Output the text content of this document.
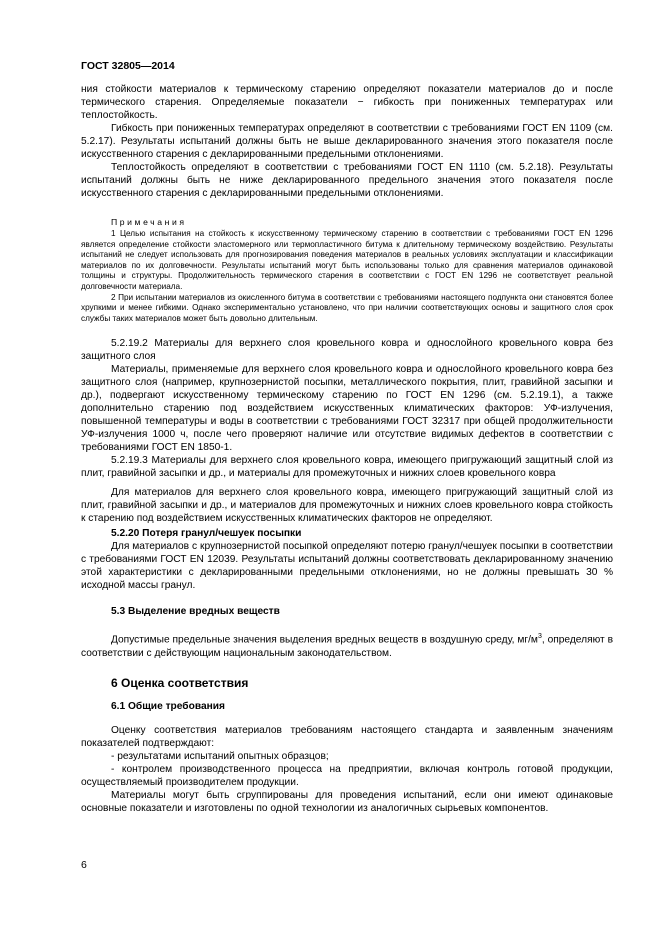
ГОСТ 32805—2014

ния стойкости материалов к термическому старению определяют показатели материалов до и после термического старения. Определяемые показатели − гибкость при пониженных температурах или теплостойкость.

Гибкость при пониженных температурах определяют в соответствии с требованиями ГОСТ EN 1109 (см. 5.2.17). Результаты испытаний должны быть не выше декларированного значения этого показателя после искусственного старения с декларированными предельными отклонениями.

Теплостойкость определяют в соответствии с требованиями ГОСТ EN 1110 (см. 5.2.18). Результаты испытаний должны быть не ниже декларированного предельного значения этого показателя после искусственного старения с декларированными предельными отклонениями.

Примечания

1 Целью испытания на стойкость к искусственному термическому старению в соответствии с требованиями ГОСТ EN 1296 является определение стойкости эластомерного или термопластичного битума к длительному термическому воздействию. Результаты испытаний не следует использовать для прогнозирования поведения материалов в реальных условиях эксплуатации и классификации материалов по их долговечности. Результаты испытаний могут быть использованы только для сравнения материалов одинаковой толщины и структуры. Продолжительность термического старения в соответствии с ГОСТ EN 1296 не соответствует реальной долговечности материала.

2 При испытании материалов из окисленного битума в соответствии с требованиями настоящего подпункта они становятся более хрупкими и менее гибкими. Однако экспериментально установлено, что при наличии соответствующих основы и защитного слоя срок службы таких материалов может быть довольно длительным.

5.2.19.2 Материалы для верхнего слоя кровельного ковра и однослойного кровельного ковра без защитного слоя

Материалы, применяемые для верхнего слоя кровельного ковра и однослойного кровельного ковра без защитного слоя (например, крупнозернистой посыпки, металлического покрытия, плит, гравийной засыпки и др.), подвергают искусственному термическому старению по ГОСТ EN 1296 (см. 5.2.19.1), а также дополнительно старению под воздействием искусственных климатических факторов: УФ-излучения, повышенной температуры и воды в соответствии с требованиями ГОСТ 32317 при общей продолжительности УФ-излучения 1000 ч, после чего проверяют наличие или отсутствие видимых дефектов в соответствии с требованиями ГОСТ EN 1850-1.

5.2.19.3 Материалы для верхнего слоя кровельного ковра, имеющего пригружающий защитный слой из плит, гравийной засыпки и др., и материалы для промежуточных и нижних слоев кровельного ковра

Для материалов для верхнего слоя кровельного ковра, имеющего пригружающий защитный слой из плит, гравийной засыпки и др., и материалов для промежуточных и нижних слоев кровельного ковра стойкость к старению под воздействием искусственных климатических факторов не определяют.

5.2.20 Потеря гранул/чешуек посыпки

Для материалов с крупнозернистой посыпкой определяют потерю гранул/чешуек посыпки в соответствии с требованиями ГОСТ EN 12039. Результаты испытаний должны соответствовать декларированному значению этой характеристики с декларированными предельными отклонениями, но не должны превышать 30 % исходной массы гранул.

5.3 Выделение вредных веществ

Допустимые предельные значения выделения вредных веществ в воздушную среду, $мг/м^3$, определяют в соответствии с действующим национальным законодательством.

6 Оценка соответствия

6.1 Общие требования

Оценку соответствия материалов требованиям настоящего стандарта и заявленным значениям показателей подтверждают:

- результатами испытаний опытных образцов;

- контролем производственного процесса на предприятии, включая контроль готовой продукции, осуществляемый производителем продукции.

Материалы могут быть сгруппированы для проведения испытаний, если они имеют одинаковые основные показатели и изготовлены по одной технологии из аналогичных сырьевых компонентов.

6
